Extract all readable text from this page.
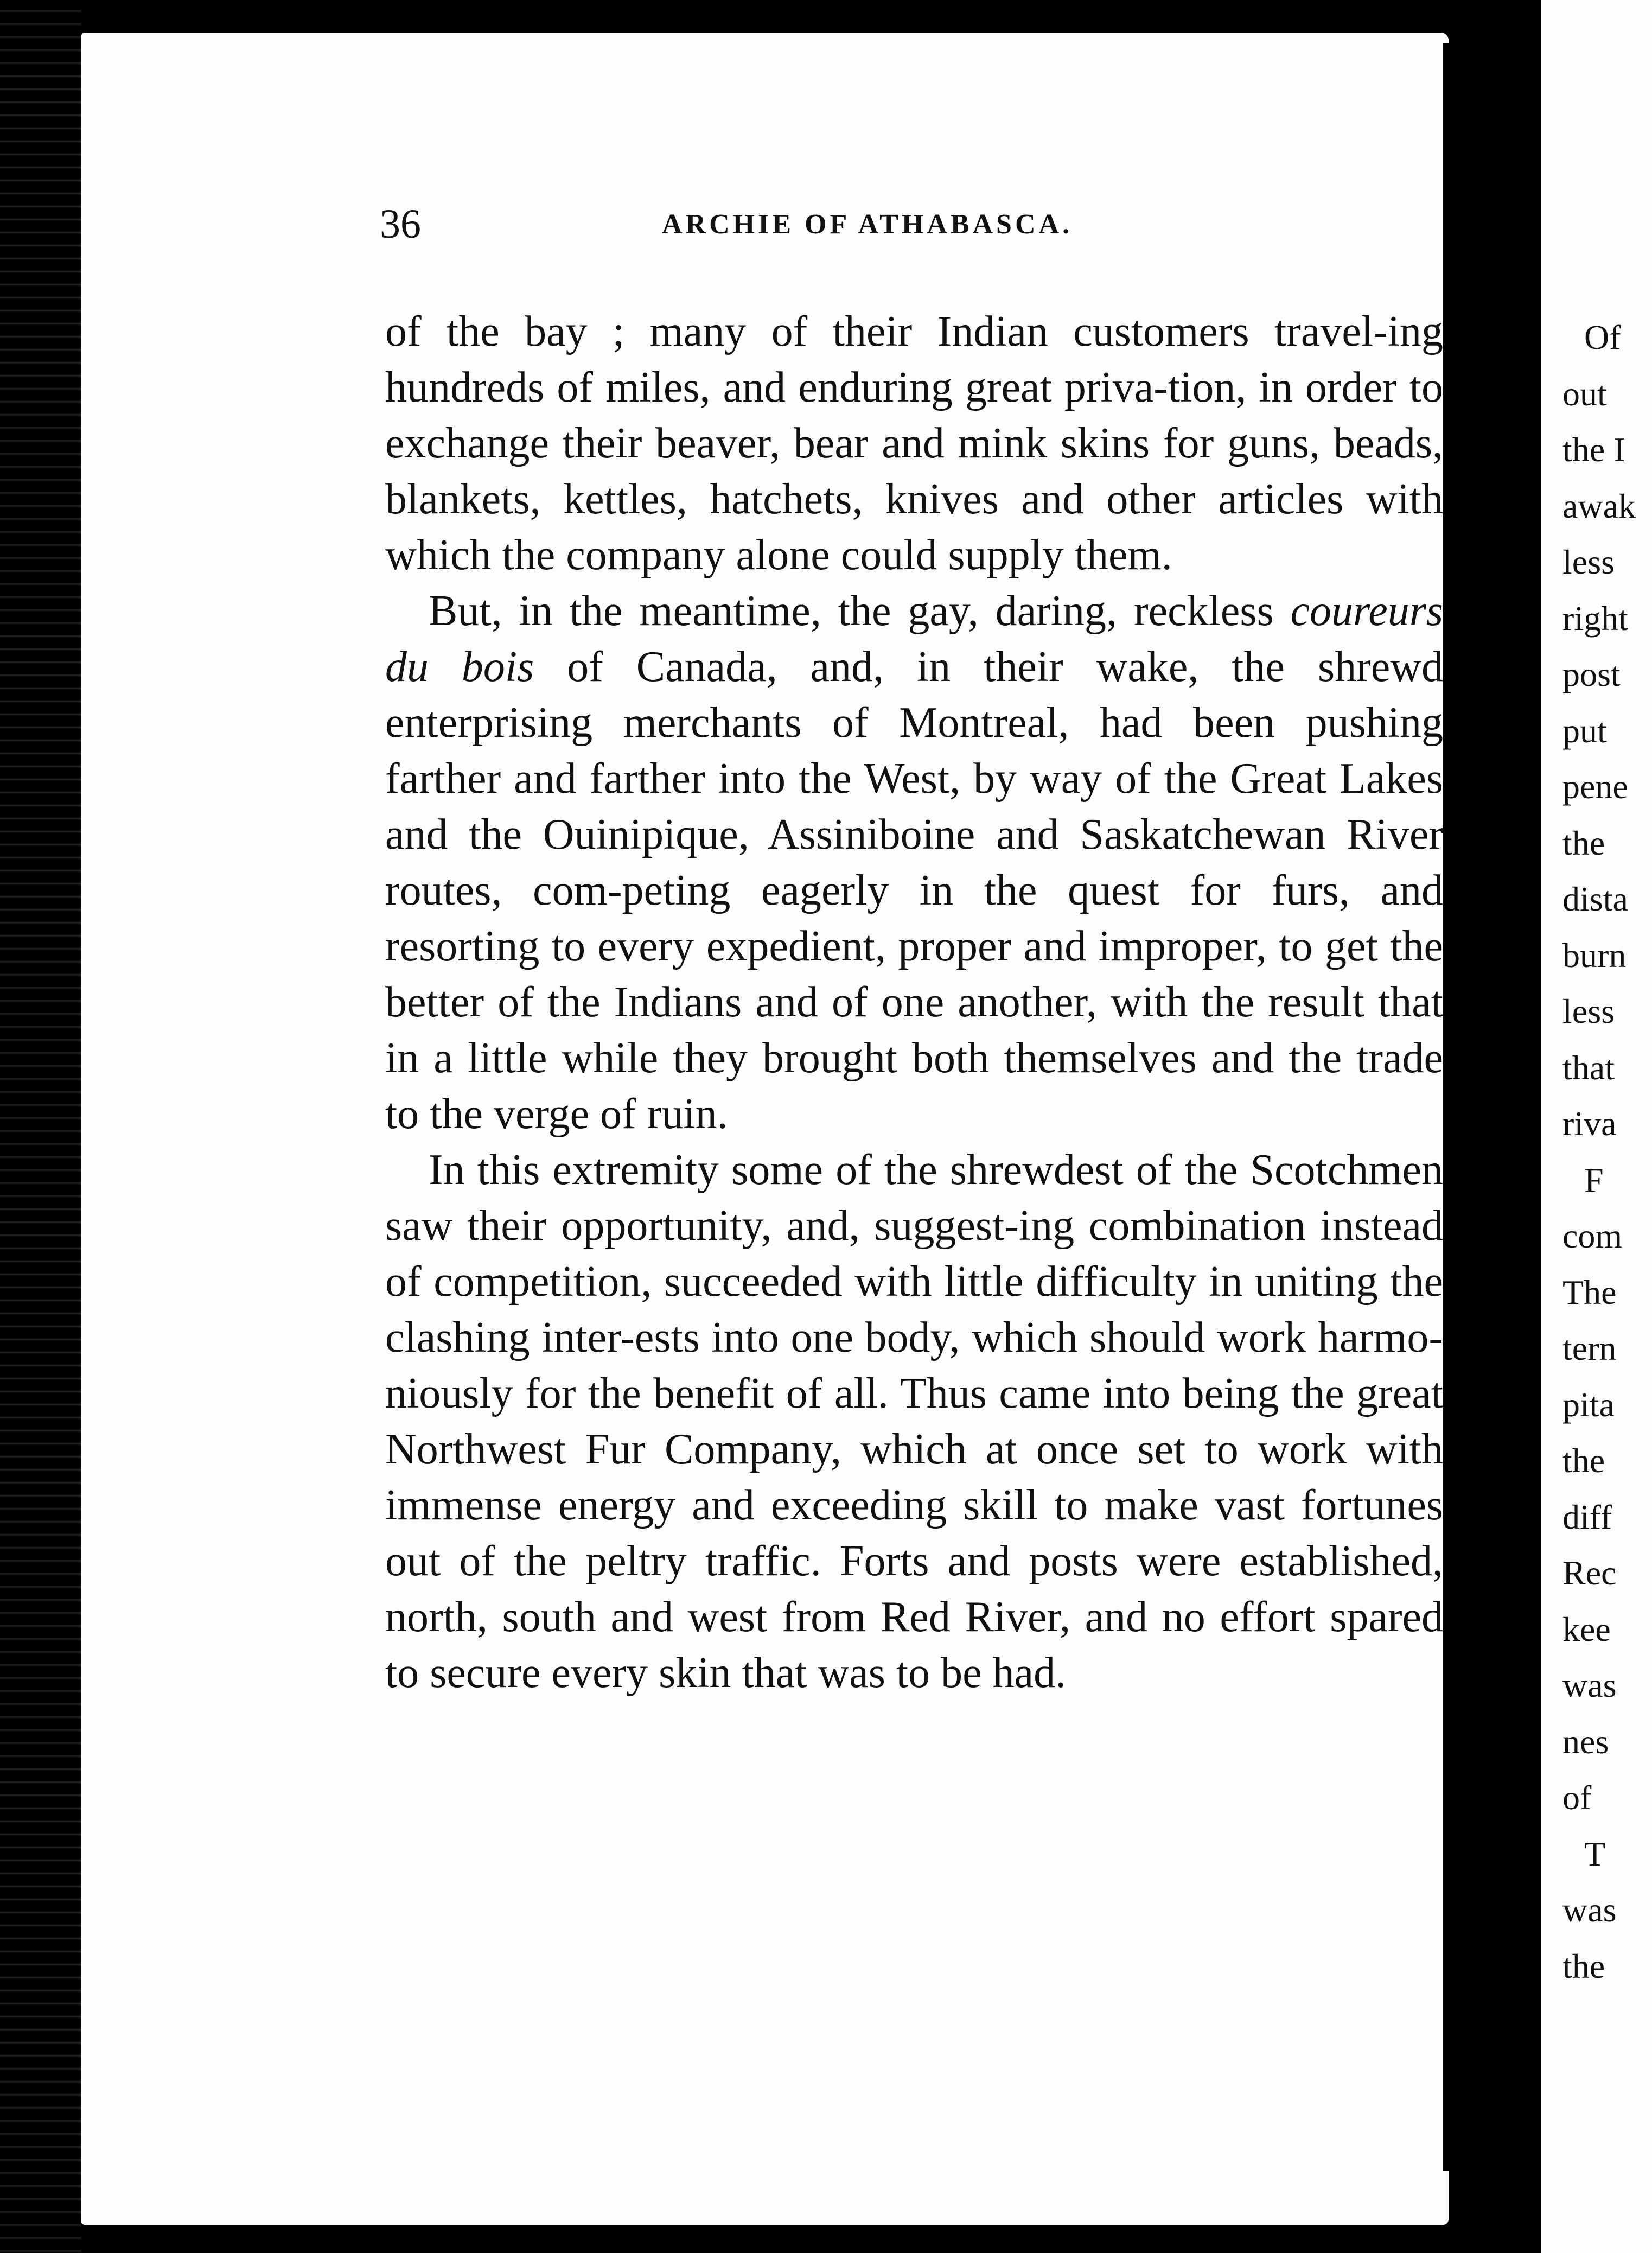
36	ARCHIE OF ATHABASCA.

of the bay ; many of their Indian customers travel-ing hundreds of miles, and enduring great priva-tion, in order to exchange their beaver, bear and mink skins for guns, beads, blankets, kettles, hatchets, knives and other articles with which the company alone could supply them.

But, in the meantime, the gay, daring, reckless coureurs du bois of Canada, and, in their wake, the shrewd enterprising merchants of Montreal, had been pushing farther and farther into the West, by way of the Great Lakes and the Ouinipique, Assiniboine and Saskatchewan River routes, com-peting eagerly in the quest for furs, and resorting to every expedient, proper and improper, to get the better of the Indians and of one another, with the result that in a little while they brought both themselves and the trade to the verge of ruin.

In this extremity some of the shrewdest of the Scotchmen saw their opportunity, and, suggest-ing combination instead of competition, succeeded with little difficulty in uniting the clashing inter-ests into one body, which should work harmo-niously for the benefit of all. Thus came into being the great Northwest Fur Company, which at once set to work with immense energy and exceeding skill to make vast fortunes out of the peltry traffic. Forts and posts were established, north, south and west from Red River, and no effort spared to secure every skin that was to be had.

Of
out
the I
awak
less
right
post
put
pene
the
dista
burn
less
that
riva
F
com
The
tern
pita
the
diff
Rec
kee
was
nes
of
T
was
the
